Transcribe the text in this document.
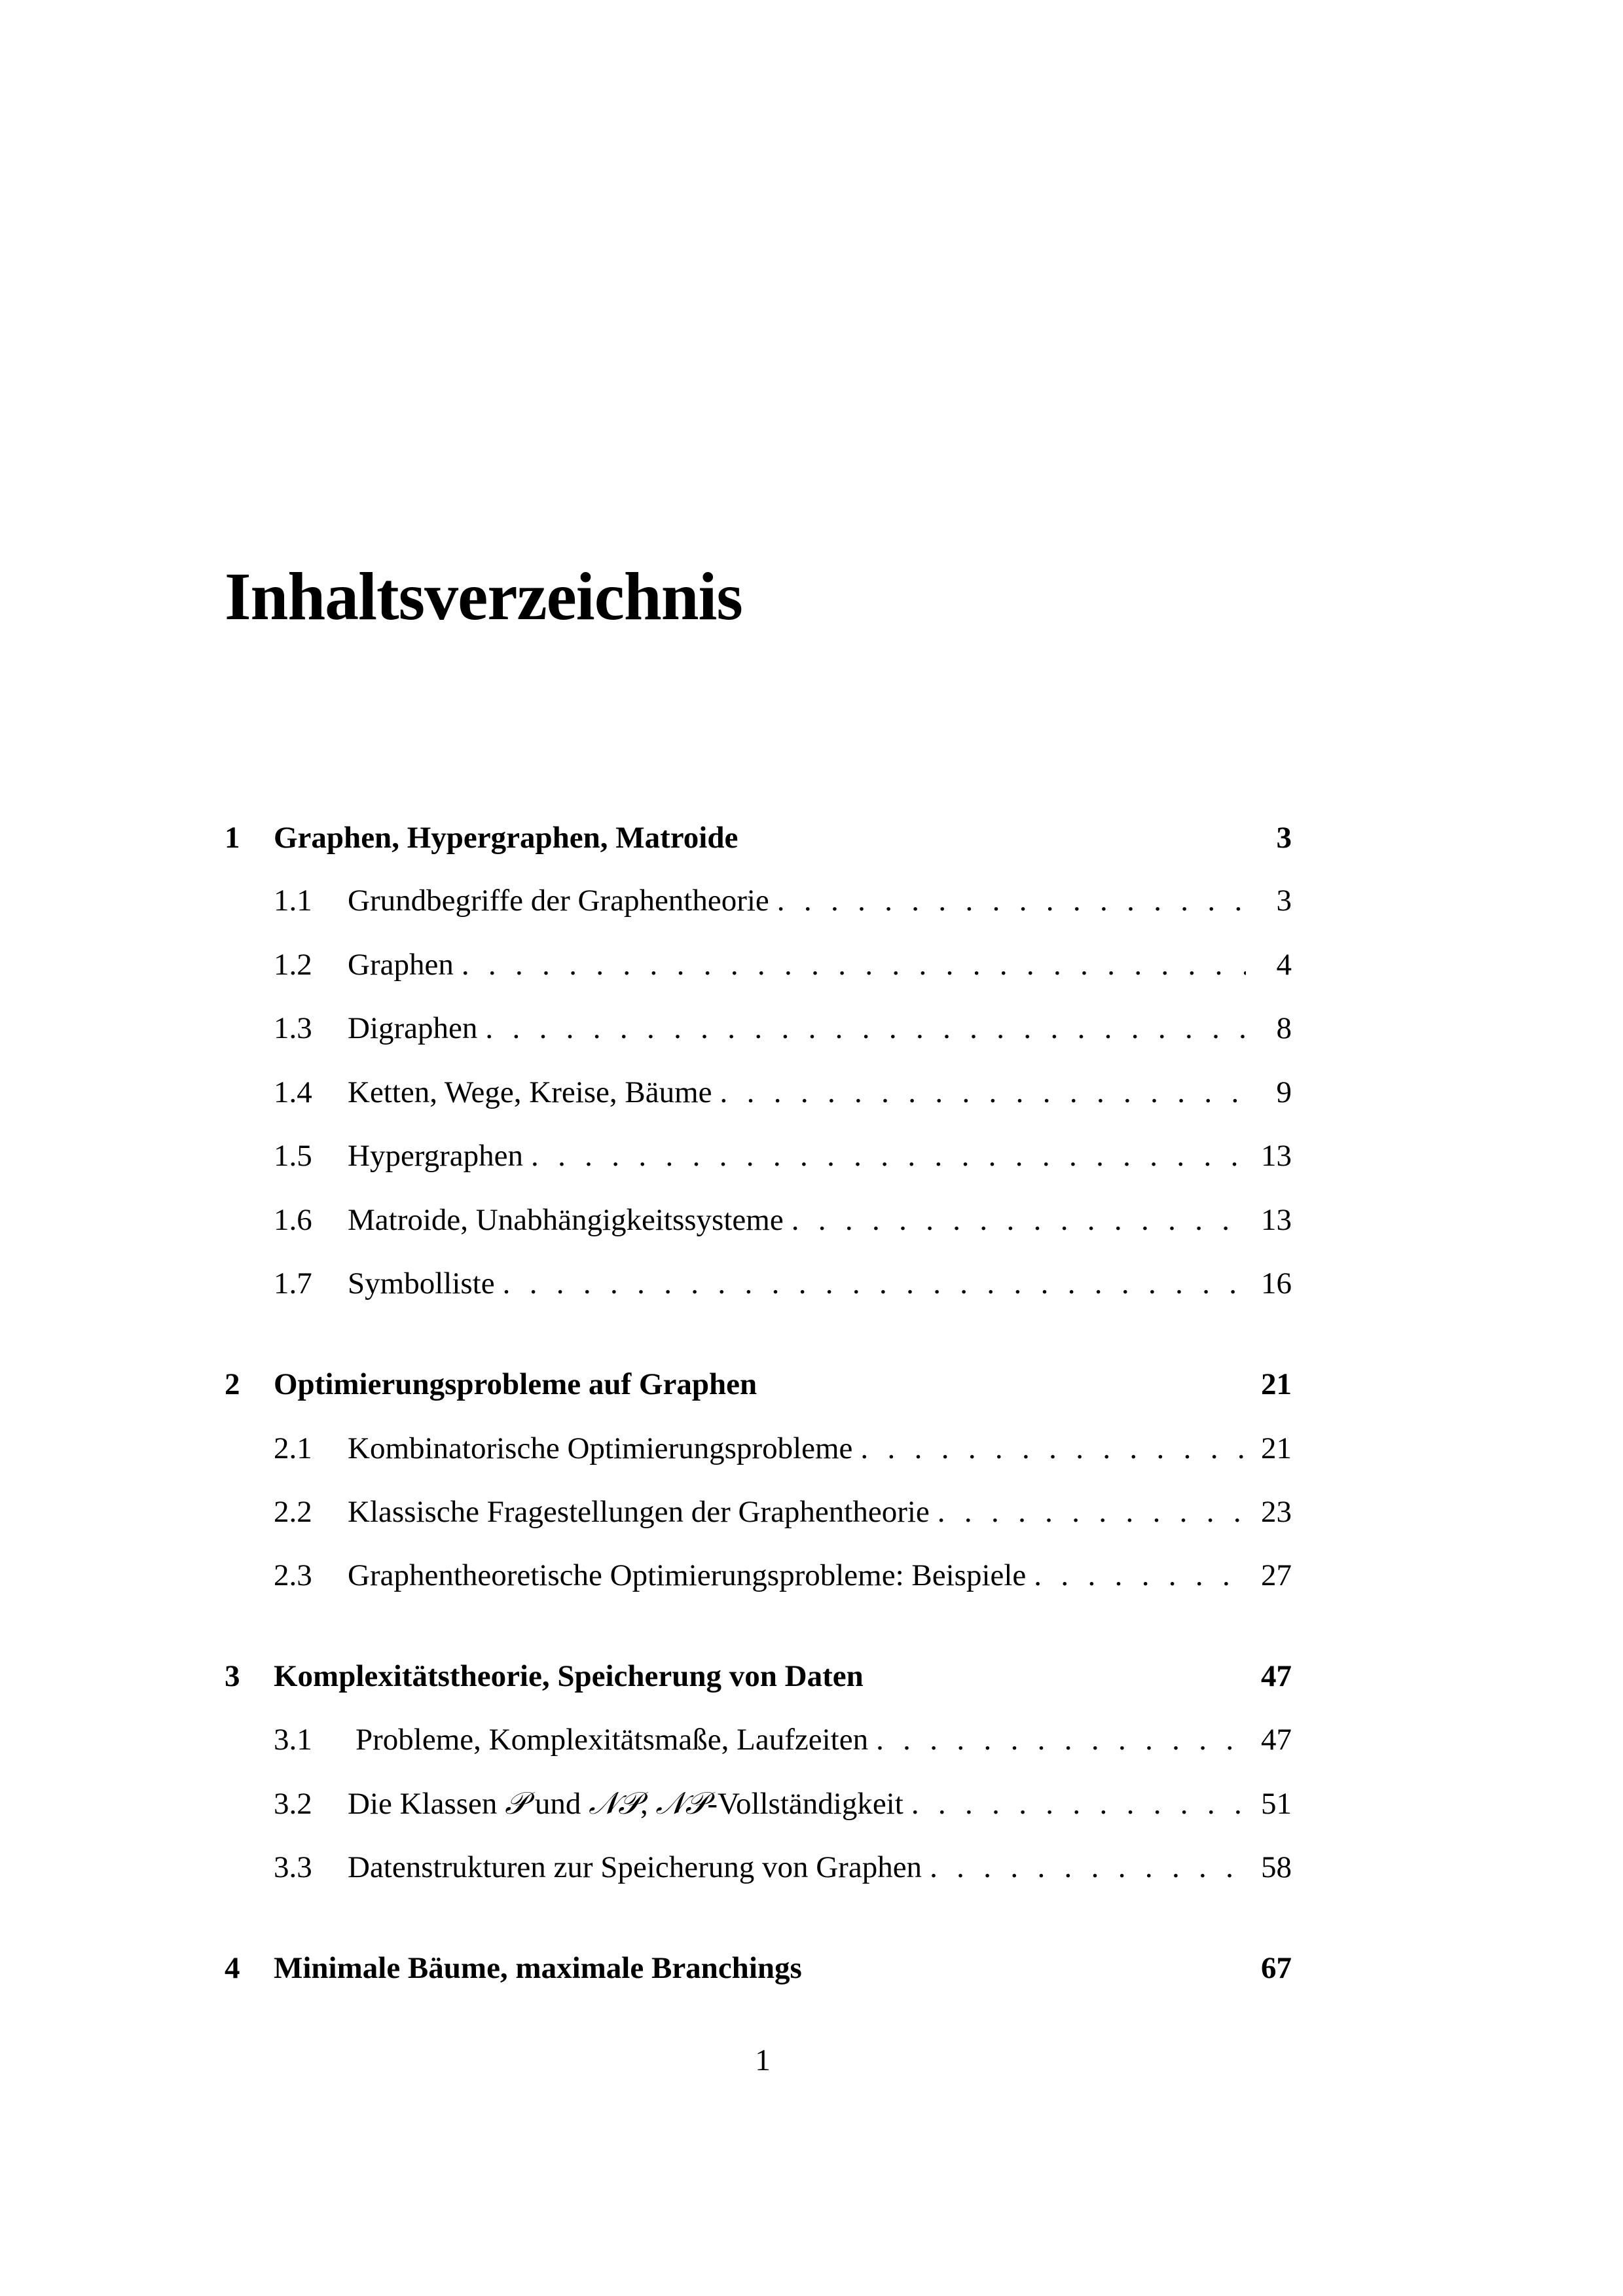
Inhaltsverzeichnis
1 Graphen, Hypergraphen, Matroide	3
1.1	Grundbegriffe der Graphentheorie . . .	3
1.2	Graphen . . .	4
1.3	Digraphen . . .	8
1.4	Ketten, Wege, Kreise, Bäume . . .	9
1.5	Hypergraphen . . .	13
1.6	Matroide, Unabhängigkeitssysteme . . .	13
1.7	Symbolliste . . .	16
2 Optimierungsprobleme auf Graphen	21
2.1	Kombinatorische Optimierungsprobleme . . .	21
2.2	Klassische Fragestellungen der Graphentheorie . . .	23
2.3	Graphentheoretische Optimierungsprobleme: Beispiele . . .	27
3 Komplexitätstheorie, Speicherung von Daten	47
3.1	Probleme, Komplexitätsmaße, Laufzeiten . . .	47
3.2	Die Klassen 𝒫 und 𝒩𝒫, 𝒩𝒫-Vollständigkeit . . .	51
3.3	Datenstrukturen zur Speicherung von Graphen . . .	58
4 Minimale Bäume, maximale Branchings	67
1
